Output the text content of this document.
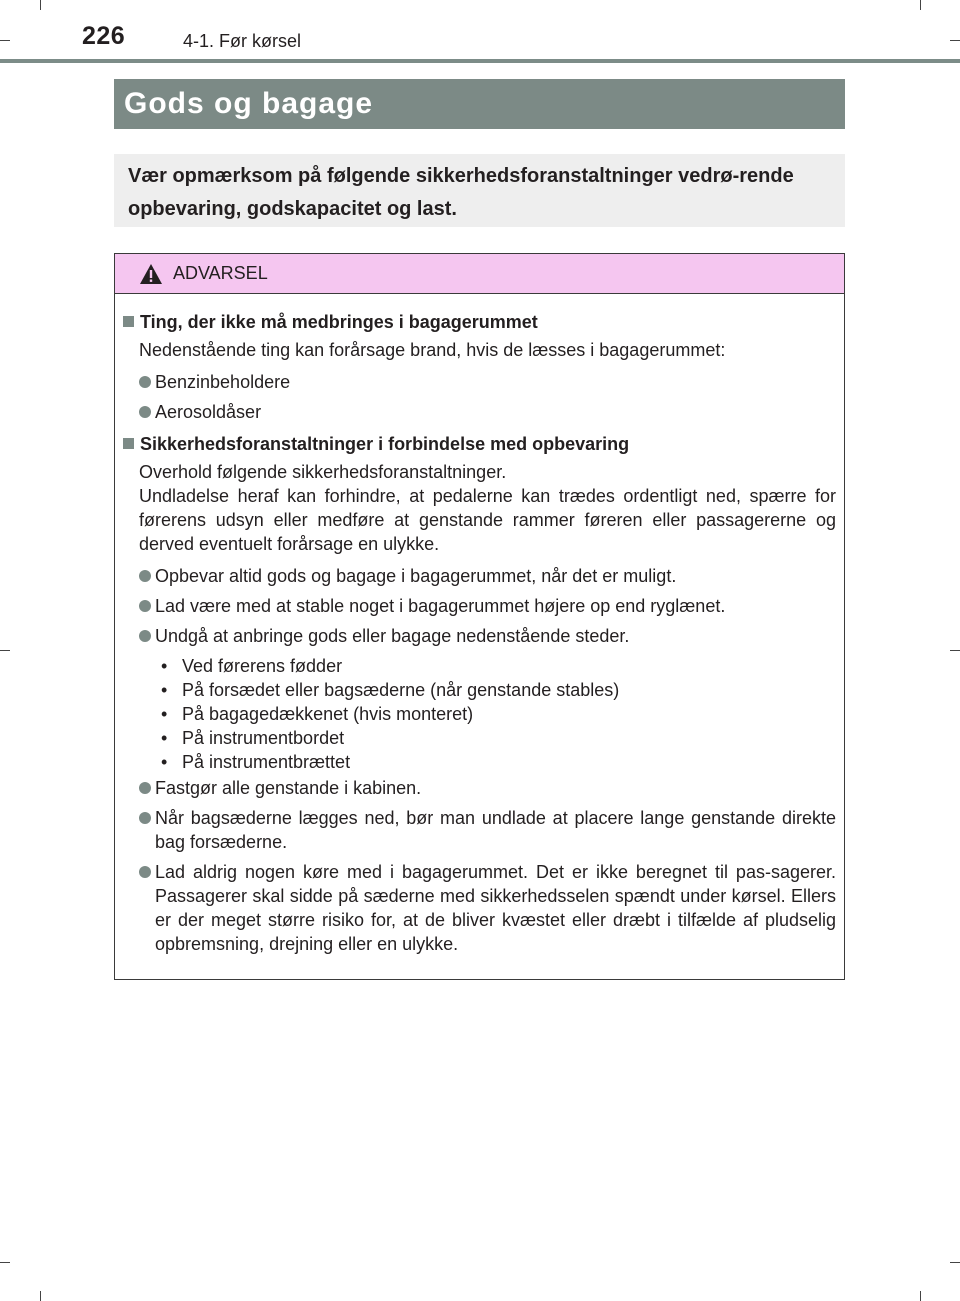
226	4-1. Før kørsel
Gods og bagage
Vær opmærksom på følgende sikkerhedsforanstaltninger vedrø-rende opbevaring, godskapacitet og last.
ADVARSEL
Ting, der ikke må medbringes i bagagerummet
Nedenstående ting kan forårsage brand, hvis de læsses i bagagerummet:
Benzinbeholdere
Aerosoldåser
Sikkerhedsforanstaltninger i forbindelse med opbevaring
Overhold følgende sikkerhedsforanstaltninger.
Undladelse heraf kan forhindre, at pedalerne kan trædes ordentligt ned, spærre for førerens udsyn eller medføre at genstande rammer føreren eller passagererne og derved eventuelt forårsage en ulykke.
Opbevar altid gods og bagage i bagagerummet, når det er muligt.
Lad være med at stable noget i bagagerummet højere op end ryglænet.
Undgå at anbringe gods eller bagage nedenstående steder.
• Ved førerens fødder
• På forsædet eller bagsæderne (når genstande stables)
• På bagagedækkenet (hvis monteret)
• På instrumentbordet
• På instrumentbrættet
Fastgør alle genstande i kabinen.
Når bagsæderne lægges ned, bør man undlade at placere lange genstande direkte bag forsæderne.
Lad aldrig nogen køre med i bagagerummet. Det er ikke beregnet til pas-sagerer. Passagerer skal sidde på sæderne med sikkerhedsselen spændt under kørsel. Ellers er der meget større risiko for, at de bliver kvæstet eller dræbt i tilfælde af pludselig opbremsning, drejning eller en ulykke.
